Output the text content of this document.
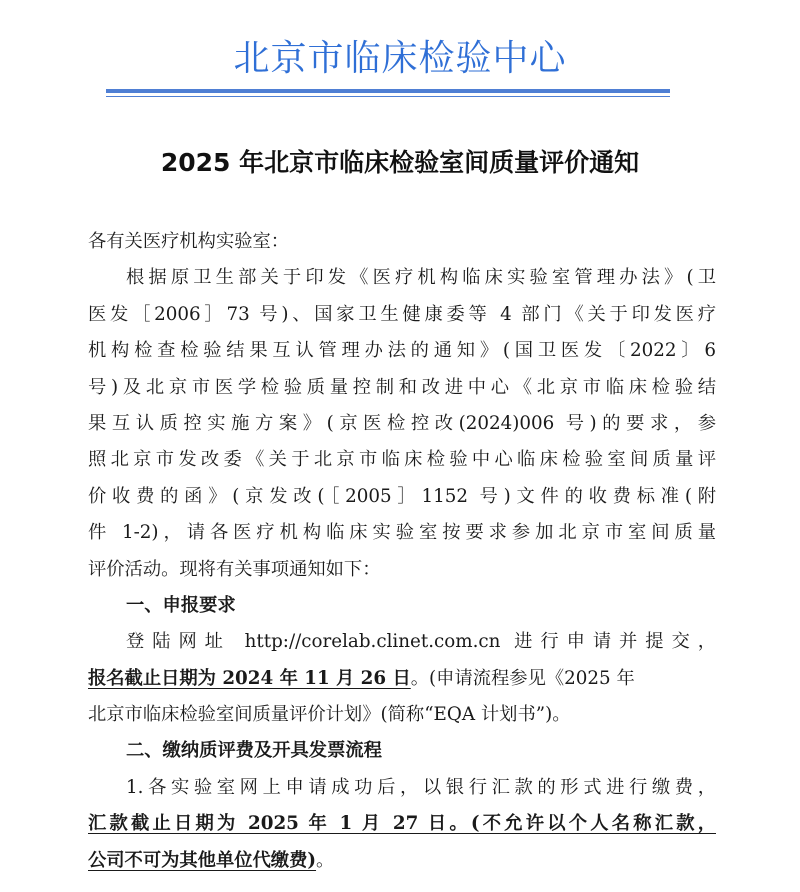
北京市临床检验中心
2025 年北京市临床检验室间质量评价通知
各有关医疗机构实验室：
根据原卫生部关于印发《医疗机构临床实验室管理办法》(卫
医发［2006］73 号)、国家卫生健康委等 4 部门《关于印发医疗
机构检查检验结果互认管理办法的通知》(国卫医发〔2022〕6
号)及北京市医学检验质量控制和改进中心《北京市临床检验结
果互认质控实施方案》(京医检控改(2024)006 号)的要求，参
照北京市发改委《关于北京市临床检验中心临床检验室间质量评
价收费的函》(京发改(［2005］1152 号)文件的收费标准(附
件 1-2)，请各医疗机构临床实验室按要求参加北京市室间质量
评价活动。现将有关事项通知如下：
一、申报要求
登陆网址 http://corelab.clinet.com.cn 进行申请并提交，
报名截止日期为 2024 年 11 月 26 日。(申请流程参见《2025 年
北京市临床检验室间质量评价计划》(简称“EQA 计划书”)。
二、缴纳质评费及开具发票流程
1.各实验室网上申请成功后，以银行汇款的形式进行缴费，
汇款截止日期为 2025 年 1 月 27 日。(不允许以个人名称汇款，
公司不可为其他单位代缴费)。
